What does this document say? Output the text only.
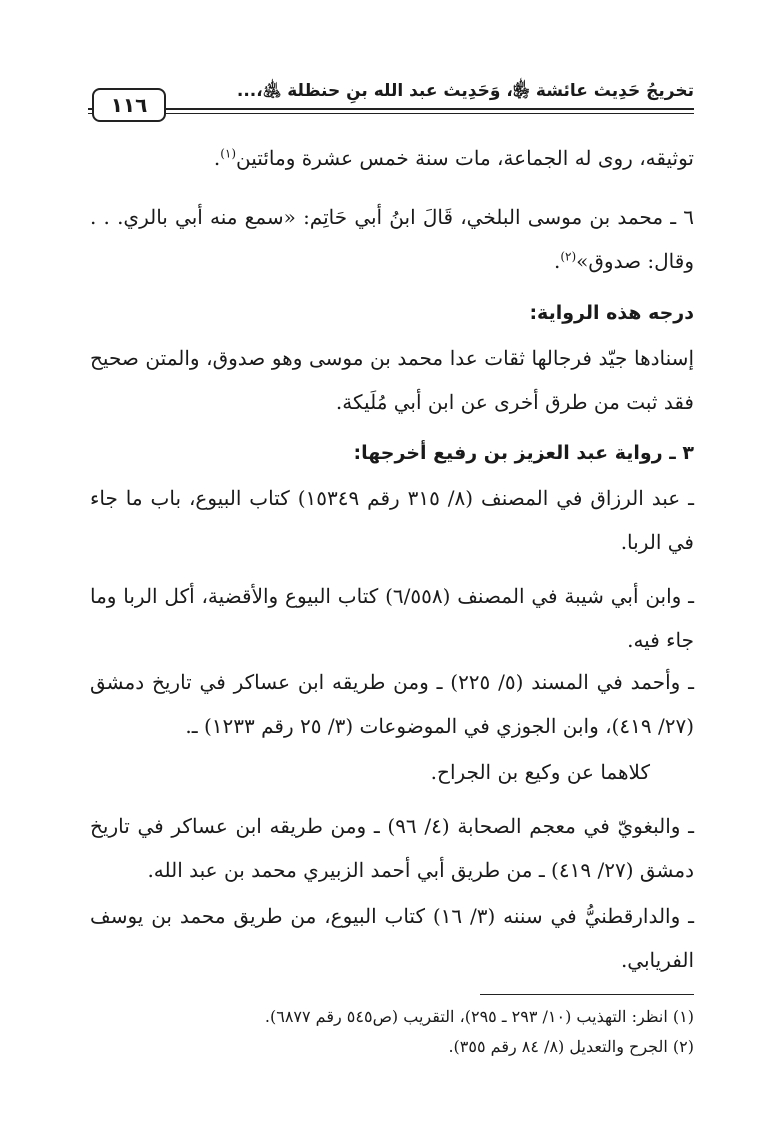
١١٦
تخريجُ حَدِيث عائشة ﵂، وَحَدِيث عبد الله بنِ حنظلة ﵁،...
توثيقه، روى له الجماعة، مات سنة خمس عشرة ومائتين$^{(١)}$.
٦ ـ محمد بن موسى البلخي، قَالَ ابنُ أبي حَاتِم: «سمع منه أبي بالري. . . وقال: صدوق»$^{(٢)}$.
درجه هذه الرواية:
إسنادها جيّد فرجالها ثقات عدا محمد بن موسى وهو صدوق، والمتن صحيح فقد ثبت من طرق أخرى عن ابن أبي مُلَيكة.
٣ ـ رواية عبد العزيز بن رفيع أخرجها:
ـ عبد الرزاق في المصنف (٨/ ٣١٥ رقم ١٥٣٤٩) كتاب البيوع، باب ما جاء في الربا.
ـ وابن أبي شيبة في المصنف (٦/٥٥٨) كتاب البيوع والأقضية، أكل الربا وما جاء فيه.
ـ وأحمد في المسند (٥/ ٢٢٥) ـ ومن طريقه ابن عساكر في تاريخ دمشق (٢٧/ ٤١٩)، وابن الجوزي في الموضوعات (٣/ ٢٥ رقم ١٢٣٣) ـ.
كلاهما عن وكيع بن الجراح.
ـ والبغويّ في معجم الصحابة (٤/ ٩٦) ـ ومن طريقه ابن عساكر في تاريخ دمشق (٢٧/ ٤١٩) ـ من طريق أبي أحمد الزبيري محمد بن عبد الله.
ـ والدارقطنيُّ في سننه (٣/ ١٦) كتاب البيوع، من طريق محمد بن يوسف الفريابي.
(١) انظر: التهذيب (١٠/ ٢٩٣ ـ ٢٩٥)، التقريب (ص٥٤٥ رقم ٦٨٧٧).
(٢) الجرح والتعديل (٨/ ٨٤ رقم ٣٥٥).
